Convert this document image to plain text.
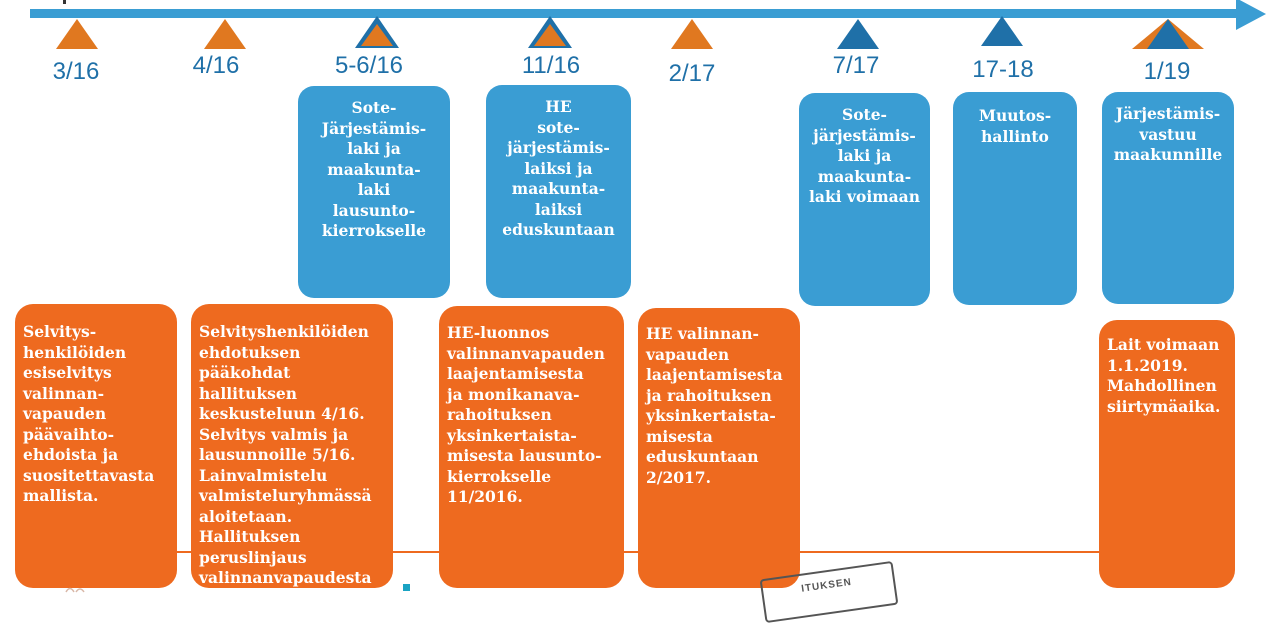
3/16	4/16	5-6/16	11/16	2/17	7/17	17-18	1/19
Sote-
Järjestämis-
laki ja
maakunta-
laki
lausunto-
kierrokselle
HE
sote-
järjestämis-
laiksi ja
maakunta-
laiksi
eduskuntaan
Sote-
järjestämis-
laki ja
maakunta-
laki voimaan
Muutos-
hallinto
Järjestämis-
vastuu
maakunnille
Selvitys-
henkilöiden
esiselvitys
valinnan-
vapauden
päävaihto-
ehdoista ja
suositettavasta
mallista.
Selvityshenkilöiden
ehdotuksen
pääkohdat
hallituksen
keskusteluun 4/16.
Selvitys valmis ja
lausunnoille 5/16.
Lainvalmistelu
valmisteluryhmässä
aloitetaan.
Hallituksen
peruslinjaus
valinnanvapaudesta
HE-luonnos
valinnanvapauden
laajentamisesta
ja monikanava-
rahoituksen
yksinkertaista-
misesta lausunto-
kierrokselle
11/2016.
HE valinnan-
vapauden
laajentamisesta
ja rahoituksen
yksinkertaista-
misesta
eduskuntaan
2/2017.
Lait voimaan
1.1.2019.
Mahdollinen
siirtymäaika.
ITUKSEN
